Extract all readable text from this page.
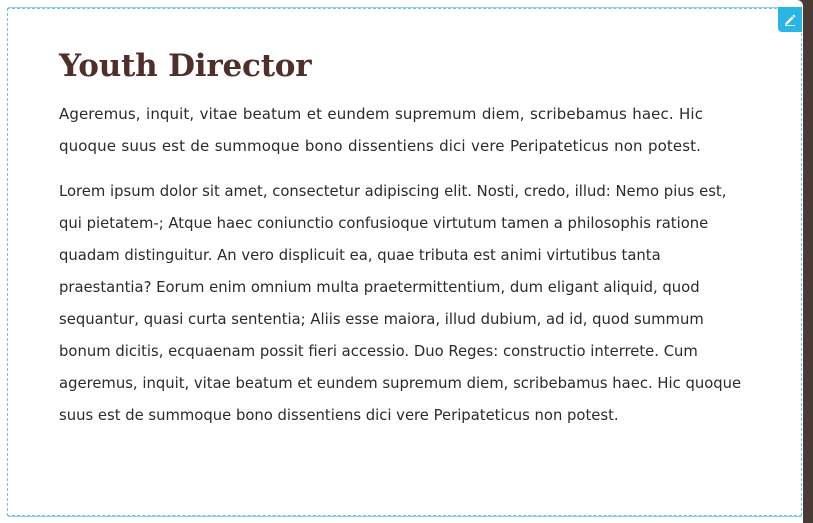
Youth Director

Ageremus, inquit, vitae beatum et eundem supremum diem, scribebamus haec. Hic quoque suus est de summoque bono dissentiens dici vere Peripateticus non potest.

Lorem ipsum dolor sit amet, consectetur adipiscing elit. Nosti, credo, illud: Nemo pius est, qui pietatem-; Atque haec coniunctio confusioque virtutum tamen a philosophis ratione quadam distinguitur. An vero displicuit ea, quae tributa est animi virtutibus tanta praestantia? Eorum enim omnium multa praetermittentium, dum eligant aliquid, quod sequantur, quasi curta sententia; Aliis esse maiora, illud dubium, ad id, quod summum bonum dicitis, ecquaenam possit fieri accessio. Duo Reges: constructio interrete. Cum ageremus, inquit, vitae beatum et eundem supremum diem, scribebamus haec. Hic quoque suus est de summoque bono dissentiens dici vere Peripateticus non potest.
